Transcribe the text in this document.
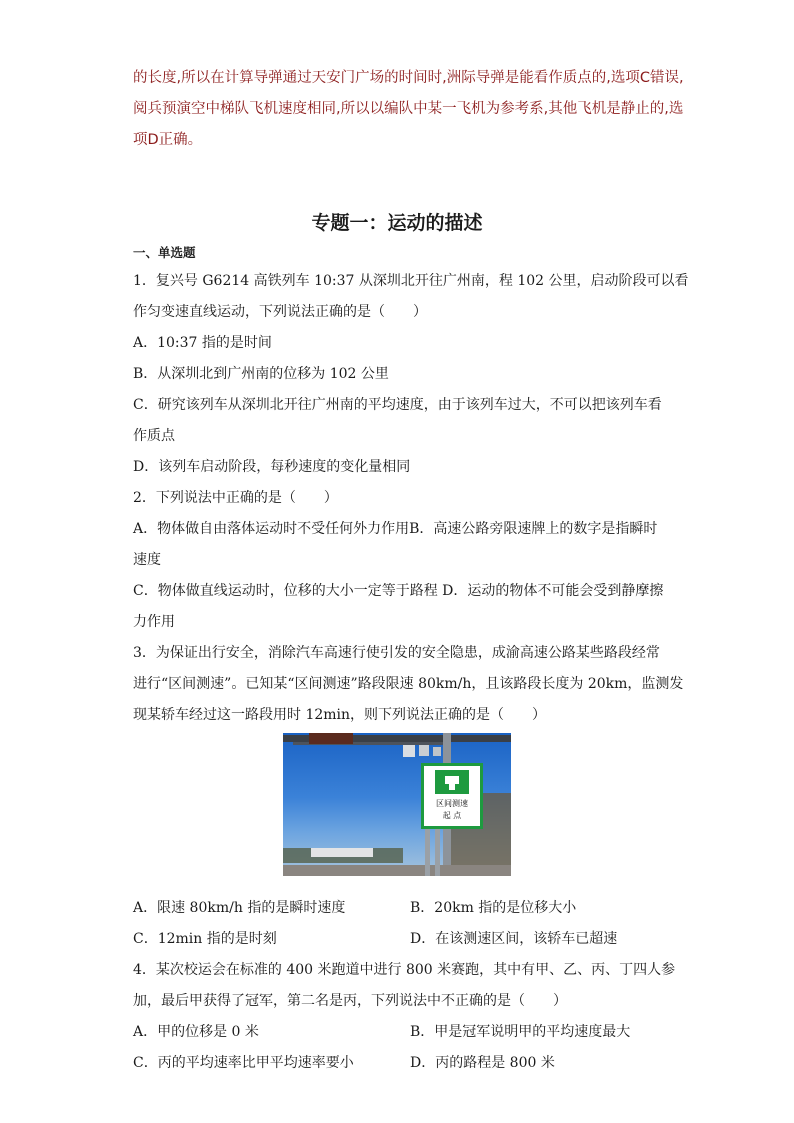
的长度,所以在计算导弹通过天安门广场的时间时,洲际导弹是能看作质点的,选项C错误,

阅兵预演空中梯队飞机速度相同,所以以编队中某一飞机为参考系,其他飞机是静止的,选

项D正确。

专题一：运动的描述
一、单选题

1．复兴号 G6214 高铁列车 10:37 从深圳北开往广州南，程 102 公里，启动阶段可以看

作匀变速直线运动，下列说法正确的是（　　）

A．10:37 指的是时间

B．从深圳北到广州南的位移为 102 公里

C．研究该列车从深圳北开往广州南的平均速度，由于该列车过大，不可以把该列车看

作质点

D．该列车启动阶段，每秒速度的变化量相同

2．下列说法中正确的是（　　）

A．物体做自由落体运动时不受任何外力作用B．高速公路旁限速牌上的数字是指瞬时

速度

C．物体做直线运动时，位移的大小一定等于路程 D．运动的物体不可能会受到静摩擦

力作用

3．为保证出行安全，消除汽车高速行使引发的安全隐患，成渝高速公路某些路段经常

进行“区间测速”。已知某“区间测速”路段限速 80km/h，且该路段长度为 20km，监测发

现某轿车经过这一路段用时 12min，则下列说法正确的是（　　）

A．限速 80km/h 指的是瞬时速度	B．20km 指的是位移大小
C．12min 指的是时刻	D．在该测速区间，该轿车已超速

4．某次校运会在标准的 400 米跑道中进行 800 米赛跑，其中有甲、乙、丙、丁四人参

加，最后甲获得了冠军，第二名是丙，下列说法中不正确的是（　　）

A．甲的位移是 0 米	B．甲是冠军说明甲的平均速度最大
C．丙的平均速率比甲平均速率要小	D．丙的路程是 800 米
区间测速
起 点
